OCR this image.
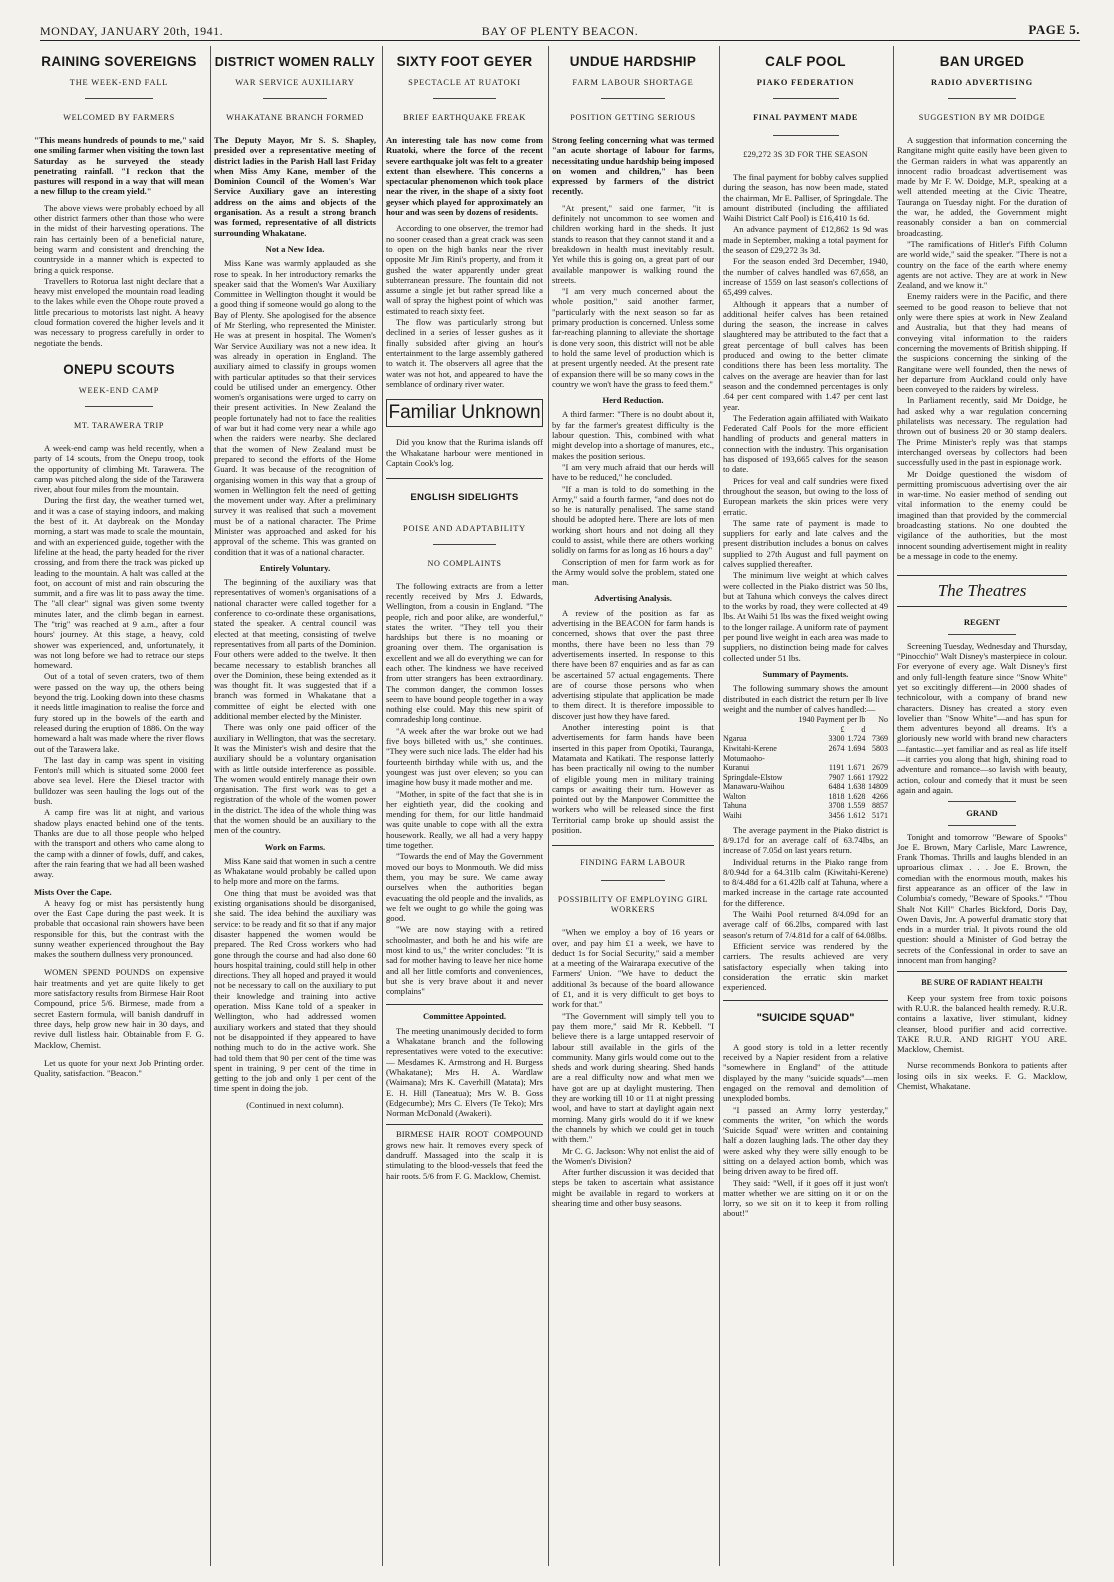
MONDAY, JANUARY 20th, 1941.	BAY OF PLENTY BEACON.	PAGE 5.
RAINING SOVEREIGNS
THE WEEK-END FALL
WELCOMED BY FARMERS
"This means hundreds of pounds to me," said one smiling farmer when visiting the town last Saturday as he surveyed the steady penetrating rainfall. "I reckon that the pastures will respond in a way that will mean a new fillup to the cream yield."

The above views were probably echoed by all other district farmers other than those who were in the midst of their harvesting operations. The rain has certainly been of a beneficial nature, being warm and consistent and drenching the countryside in a manner which is expected to bring a quick response.

Travellers to Rotorua last night declare that a heavy mist enveloped the mountain road leading to the lakes while even the Ohope route proved a little precarious to motorists last night. A heavy cloud formation covered the higher levels and it was necessary to progress carefully in order to negotiate the bends.

ONEPU SCOUTS
WEEK-END CAMP
MT. TARAWERA TRIP

A week-end camp was held recently, when a party of 14 scouts, from the Onepu troop, took the opportunity of climbing Mt. Tarawera. The camp was pitched along the side of the Tarawera river, about four miles from the mountain.

During the first day, the weather turned wet, and it was a case of staying indoors, and making the best of it. At daybreak on the Monday morning, a start was made to scale the mountain, and with an experienced guide, together with the lifeline at the head, the party headed for the river crossing, and from there the track was picked up leading to the mountain. A halt was called at the foot, on account of mist and rain obscuring the summit, and a fire was lit to pass away the time. The "all clear" signal was given some twenty minutes later, and the climb began in earnest. The "trig" was reached at 9 a.m., after a four hours' journey. At this stage, a heavy, cold shower was experienced, and, unfortunately, it was not long before we had to retrace our steps homeward.

Out of a total of seven craters, two of them were passed on the way up, the others being beyond the trig. Looking down into these chasms it needs little imagination to realise the force and fury stored up in the bowels of the earth and released during the eruption of 1886. On the way homeward a halt was made where the river flows out of the Tarawera lake.

The last day in camp was spent in visiting Fenton's mill which is situated some 2000 feet above sea level. Here the Diesel tractor with bulldozer was seen hauling the logs out of the bush.

A camp fire was lit at night, and various shadow plays enacted behind one of the tents. Thanks are due to all those people who helped with the transport and others who came along to the camp with a dinner of fowls, duff, and cakes, after the rain fearing that we had all been washed away.

Mists Over the Cape.

A heavy fog or mist has persistently hung over the East Cape during the past week. It is probable that occasional rain showers have been responsible for this, but the contrast with the sunny weather experienced throughout the Bay makes the southern dullness very pronounced.

WOMEN SPEND POUNDS on expensive hair treatments and yet are quite likely to get more satisfactory results from Birmese Hair Root Compound, price 5/6. Birmese, made from a secret Eastern formula, will banish dandruff in three days, help grow new hair in 30 days, and revive dull listless hair. Obtainable from F. G. Macklow, Chemist.

Let us quote for your next Job Printing order. Quality, satisfaction. "Beacon."

DISTRICT WOMEN RALLY
WAR SERVICE AUXILIARY
WHAKATANE BRANCH FORMED
The Deputy Mayor, Mr S. S. Shapley, presided over a representative meeting of district ladies in the Parish Hall last Friday when Miss Amy Kane, member of the Dominion Council of the Women's War Service Auxiliary gave an interesting address on the aims and objects of the organisation. As a result a strong branch was formed, representative of all districts surrounding Whakatane.
Not a New Idea.

Miss Kane was warmly applauded as she rose to speak. In her introductory remarks the speaker said that the Women's War Auxiliary Committee in Wellington thought it would be a good thing if someone would go along to the Bay of Plenty. She apologised for the absence of Mr Sterling, who represented the Minister. He was at present in hospital. The Women's War Service Auxiliary was not a new idea. It was already in operation in England. The auxiliary aimed to classify in groups women with particular aptitudes so that their services could be utilised under an emergency. Other women's organisations were urged to carry on their present activities. In New Zealand the people fortunately had not to face the realities of war but it had come very near a while ago when the raiders were nearby. She declared that the women of New Zealand must be prepared to second the efforts of the Home Guard. It was because of the recognition of organising women in this way that a group of women in Wellington felt the need of getting the movement under way. After a preliminary survey it was realised that such a movement must be of a national character. The Prime Minister was approached and asked for his approval of the scheme. This was granted on condition that it was of a national character.

Entirely Voluntary.

The beginning of the auxiliary was that representatives of women's organisations of a national character were called together for a conference to co-ordinate these organisations, stated the speaker. A central council was elected at that meeting, consisting of twelve representatives from all parts of the Dominion. Four others were added to the twelve. It then became necessary to establish branches all over the Dominion, these being extended as it was thought fit. It was suggested that if a branch was formed in Whakatane that a committee of eight be elected with one additional member elected by the Minister.

There was only one paid officer of the auxiliary in Wellington, that was the secretary. It was the Minister's wish and desire that the auxiliary should be a voluntary organisation with as little outside interference as possible. The women would entirely manage their own organisation. The first work was to get a registration of the whole of the women power in the district. The idea of the whole thing was that the women should be an auxiliary to the men of the country.

Work on Farms.

Miss Kane said that women in such a centre as Whakatane would probably be called upon to help more and more on the farms.

One thing that must be avoided was that existing organisations should be disorganised, she said. The idea behind the auxiliary was service: to be ready and fit so that if any major disaster happened the women would be prepared. The Red Cross workers who had gone through the course and had also done 60 hours hospital training, could still help in other directions. They all hoped and prayed it would not be necessary to call on the auxiliary to put their knowledge and training into active operation. Miss Kane told of a speaker in Wellington, who had addressed women auxiliary workers and stated that they should not be disappointed if they appeared to have nothing much to do in the active work. She had told them that 90 per cent of the time was spent in training, 9 per cent of the time in getting to the job and only 1 per cent of the time spent in doing the job.

(Continued in next column).
SIXTY FOOT GEYER
SPECTACLE AT RUATOKI
BRIEF EARTHQUAKE FREAK
An interesting tale has now come from Ruatoki, where the force of the recent severe earthquake jolt was felt to a greater extent than elsewhere. This concerns a spectacular phenomenon which took place near the river, in the shape of a sixty foot geyser which played for approximately an hour and was seen by dozens of residents.

According to one observer, the tremor had no sooner ceased than a great crack was seen to open on the high banks near the river opposite Mr Jim Rini's property, and from it gushed the water apparently under great subterranean pressure. The fountain did not assume a single jet but rather spread like a wall of spray the highest point of which was estimated to reach sixty feet.

The flow was particularly strong but declined in a series of lesser gushes as it finally subsided after giving an hour's entertainment to the large assembly gathered to watch it. The observers all agree that the water was not hot, and appeared to have the semblance of ordinary river water.

Familiar Unknown

Did you know that the Rurima islands off the Whakatane harbour were mentioned in Captain Cook's log.

ENGLISH SIDELIGHTS
POISE AND ADAPTABILITY
NO COMPLAINTS

The following extracts are from a letter recently received by Mrs J. Edwards, Wellington, from a cousin in England. "The people, rich and poor alike, are wonderful," states the writer. "They tell you their hardships but there is no moaning or groaning over them. The organisation is excellent and we all do everything we can for each other. The kindness we have received from utter strangers has been extraordinary. The common danger, the common losses seem to have bound people together in a way nothing else could. May this new spirit of comradeship long continue.

"A week after the war broke out we had five boys billeted with us," she continues. "They were such nice lads. The elder had his fourteenth birthday while with us, and the youngest was just over eleven; so you can imagine how busy it made mother and me.

"Mother, in spite of the fact that she is in her eightieth year, did the cooking and mending for them, for our little handmaid was quite unable to cope with all the extra housework. Really, we all had a very happy time together.

"Towards the end of May the Government moved our boys to Monmouth. We did miss them, you may be sure. We came away ourselves when the authorities began evacuating the old people and the invalids, as we felt we ought to go while the going was good.

"We are now staying with a retired schoolmaster, and both he and his wife are most kind to us," the writer concludes: "It is sad for mother having to leave her nice home and all her little comforts and conveniences, but she is very brave about it and never complains"

Committee Appointed.

The meeting unanimously decided to form a Whakatane branch and the following representatives were voted to the executive:— Mesdames K. Armstrong and H. Burgess (Whakatane); Mrs H. A. Wardlaw (Waimana); Mrs K. Caverhill (Matata); Mrs E. H. Hill (Taneatua); Mrs W. B. Goss (Edgecumbe); Mrs C. Elvers (Te Teko); Mrs Norman McDonald (Awakeri).

BIRMESE HAIR ROOT COMPOUND grows new hair. It removes every speck of dandruff. Massaged into the scalp it is stimulating to the blood-vessels that feed the hair roots. 5/6 from F. G. Macklow, Chemist.

UNDUE HARDSHIP
FARM LABOUR SHORTAGE
POSITION GETTING SERIOUS
Strong feeling concerning what was termed "an acute shortage of labour for farms, necessitating undue hardship being imposed on women and children," has been expressed by farmers of the district recently.

"At present," said one farmer, "it is definitely not uncommon to see women and children working hard in the sheds. It just stands to reason that they cannot stand it and a breakdown in health must inevitably result. Yet while this is going on, a great part of our available manpower is walking round the streets.

"I am very much concerned about the whole position," said another farmer, "particularly with the next season so far as primary production is concerned. Unless some far-reaching planning to alleviate the shortage is done very soon, this district will not be able to hold the same level of production which is at present urgently needed. At the present rate of expansion there will be so many cows in the country we won't have the grass to feed them."

Herd Reduction.

A third farmer: "There is no doubt about it, by far the farmer's greatest difficulty is the labour question. This, combined with what might develop into a shortage of manures, etc., makes the position serious.

"I am very much afraid that our herds will have to be reduced," he concluded.

"If a man is told to do something in the Army," said a fourth farmer, "and does not do so he is naturally penalised. The same stand should be adopted here. There are lots of men working short hours and not doing all they could to assist, while there are others working solidly on farms for as long as 16 hours a day"

Conscription of men for farm work as for the Army would solve the problem, stated one man.

Advertising Analysis.

A review of the position as far as advertising in the BEACON for farm hands is concerned, shows that over the past three months, there have been no less than 79 advertisements inserted. In response to this there have been 87 enquiries and as far as can be ascertained 57 actual engagements. There are of course those persons who when advertising stipulate that application be made to them direct. It is therefore impossible to discover just how they have fared.

Another interesting point is that advertisements for farm hands have been inserted in this paper from Opotiki, Tauranga, Matamata and Katikati. The response latterly has been practically nil owing to the number of eligible young men in military training camps or awaiting their turn. However as pointed out by the Manpower Committee the workers who will be released since the first Territorial camp broke up should assist the position.

FINDING FARM LABOUR
POSSIBILITY OF EMPLOYING GIRL WORKERS

"When we employ a boy of 16 years or over, and pay him £1 a week, we have to deduct 1s for Social Security," said a member at a meeting of the Wairarapa executive of the Farmers' Union. "We have to deduct the additional 3s because of the board allowance of £1, and it is very difficult to get boys to work for that."

"The Government will simply tell you to pay them more," said Mr R. Kebbell. "I believe there is a large untapped reservoir of labour still available in the girls of the community. Many girls would come out to the sheds and work during shearing. Shed hands are a real difficulty now and what men we have got are up at daylight mustering. Then they are working till 10 or 11 at night pressing wool, and have to start at daylight again next morning. Many girls would do it if we knew the channels by which we could get in touch with them."

Mr C. G. Jackson: Why not enlist the aid of the Women's Division?

After further discussion it was decided that steps be taken to ascertain what assistance might be available in regard to workers at shearing time and other busy seasons.

CALF POOL
PIAKO FEDERATION
FINAL PAYMENT MADE
£29,272 3S 3D FOR THE SEASON

The final payment for bobby calves supplied during the season, has now been made, stated the chairman, Mr E. Palliser, of Springdale. The amount distributed (including the affiliated Waihi District Calf Pool) is £16,410 1s 6d.

An advance payment of £12,862 1s 9d was made in September, making a total payment for the season of £29,272 3s 3d.

For the season ended 3rd December, 1940, the number of calves handled was 67,658, an increase of 1559 on last season's collections of 65,499 calves.

Although it appears that a number of additional heifer calves has been retained during the season, the increase in calves slaughtered may be attributed to the fact that a great percentage of bull calves has been produced and owing to the better climate conditions there has been less mortality. The calves on the average are heavier than for last season and the condemned percentages is only .64 per cent compared with 1.47 per cent last year.

The Federation again affiliated with Waikato Federated Calf Pools for the more efficient handling of products and general matters in connection with the industry. This organisation has disposed of 193,665 calves for the season to date.

Prices for veal and calf sundries were fixed throughout the season, but owing to the loss of European markets the skin prices were very erratic.

The same rate of payment is made to suppliers for early and late calves and the present distribution includes a bonus on calves supplied to 27th August and full payment on calves supplied thereafter.

The minimum live weight at which calves were collected in the Piako district was 50 lbs, but at Tahuna which conveys the calves direct to the works by road, they were collected at 49 lbs. At Waihi 51 lbs was the fixed weight owing to the longer railage. A uniform rate of payment per pound live weight in each area was made to suppliers, no distinction being made for calves collected under 51 lbs.

Summary of Payments.

The following summary shows the amount distributed in each district the return per lb live weight and the number of calves handled:—

	1940 Payment	per lb	No
	£	d	
Ngarua	3300	1.724	7369
Kiwitahi-Kerene	2674	1.694	5803
Motumaoho-			
Kuranui	1191	1.671	2679
Springdale-Elstow	7907	1.661	17922
Manawaru-Waihou	6484	1.638	14809
Walton	1818	1.628	4266
Tahuna	3708	1.559	8857
Waihi	3456	1.612	5171

The average payment in the Piako district is 8/9.17d for an average calf of 63.74lbs, an increase of 7.05d on last years return.

Individual returns in the Piako range from 8/0.94d for a 64.31lb calm (Kiwitahi-Kerene) to 8/4.48d for a 61.42lb calf at Tahuna, where a marked increase in the cartage rate accounted for the difference.

The Waihi Pool returned 8/4.09d for an average calf of 66.2lbs, compared with last season's return of 7/4.81d for a calf of 64.08lbs.

Efficient service was rendered by the carriers. The results achieved are very satisfactory especially when taking into consideration the erratic skin market experienced.

"SUICIDE SQUAD"

A good story is told in a letter recently received by a Napier resident from a relative "somewhere in England" of the attitude displayed by the many "suicide squads"—men engaged on the removal and demolition of unexploded bombs.

"I passed an Army lorry yesterday," comments the writer, "on which the words 'Suicide Squad' were written and containing half a dozen laughing lads. The other day they were asked why they were silly enough to be sitting on a delayed action bomb, which was being driven away to be fired off.

They said: "Well, if it goes off it just won't matter whether we are sitting on it or on the lorry, so we sit on it to keep it from rolling about!"

BAN URGED
RADIO ADVERTISING
SUGGESTION BY MR DOIDGE

A suggestion that information concerning the Rangitane might quite easily have been given to the German raiders in what was apparently an innocent radio broadcast advertisement was made by Mr F. W. Doidge, M.P., speaking at a well attended meeting at the Civic Theatre, Tauranga on Tuesday night. For the duration of the war, he added, the Government might reasonably consider a ban on commercial broadcasting.

"The ramifications of Hitler's Fifth Column are world wide," said the speaker. "There is not a country on the face of the earth where enemy agents are not active. They are at work in New Zealand, and we know it."

Enemy raiders were in the Pacific, and there seemed to be good reason to believe that not only were there spies at work in New Zealand and Australia, but that they had means of conveying vital information to the raiders concerning the movements of British shipping. If the suspicions concerning the sinking of the Rangitane were well founded, then the news of her departure from Auckland could only have been conveyed to the raiders by wireless.

In Parliament recently, said Mr Doidge, he had asked why a war regulation concerning philatelists was necessary. The regulation had thrown out of business 20 or 30 stamp dealers. The Prime Minister's reply was that stamps interchanged overseas by collectors had been successfully used in the past in espionage work.

Mr Doidge questioned the wisdom of permitting promiscuous advertising over the air in war-time. No easier method of sending out vital information to the enemy could be imagined than that provided by the commercial broadcasting stations. No one doubted the vigilance of the authorities, but the most innocent sounding advertisement might in reality be a message in code to the enemy.

The Theatres
REGENT

Screening Tuesday, Wednesday and Thursday, "Pinocchio" Walt Disney's masterpiece in colour. For everyone of every age. Walt Disney's first and only full-length feature since "Snow White" yet so excitingly different—in 2000 shades of technicolour, with a company of brand new characters. Disney has created a story even lovelier than "Snow White"—and has spun for them adventures beyond all dreams. It's a gloriously new world with brand new characters—fantastic—yet familiar and as real as life itself—it carries you along that high, shining road to adventure and romance—so lavish with beauty, action, colour and comedy that it must be seen again and again.

GRAND

Tonight and tomorrow "Beware of Spooks" Joe E. Brown, Mary Carlisle, Marc Lawrence, Frank Thomas. Thrills and laughs blended in an uproarious climax . . . Joe E. Brown, the comedian with the enormous mouth, makes his first appearance as an officer of the law in Columbia's comedy, "Beware of Spooks." "Thou Shalt Not Kill" Charles Bickford, Doris Day, Owen Davis, Jnr. A powerful dramatic story that ends in a murder trial. It pivots round the old question: should a Minister of God betray the secrets of the Confessional in order to save an innocent man from hanging?

BE SURE OF RADIANT HEALTH

Keep your system free from toxic poisons with R.U.R. the balanced health remedy. R.U.R. contains a laxative, liver stimulant, kidney cleanser, blood purifier and acid corrective. TAKE R.U.R. AND RIGHT YOU ARE. Macklow, Chemist.

Nurse recommends Bonkora to patients after losing oils in six weeks. F. G. Macklow, Chemist, Whakatane.
